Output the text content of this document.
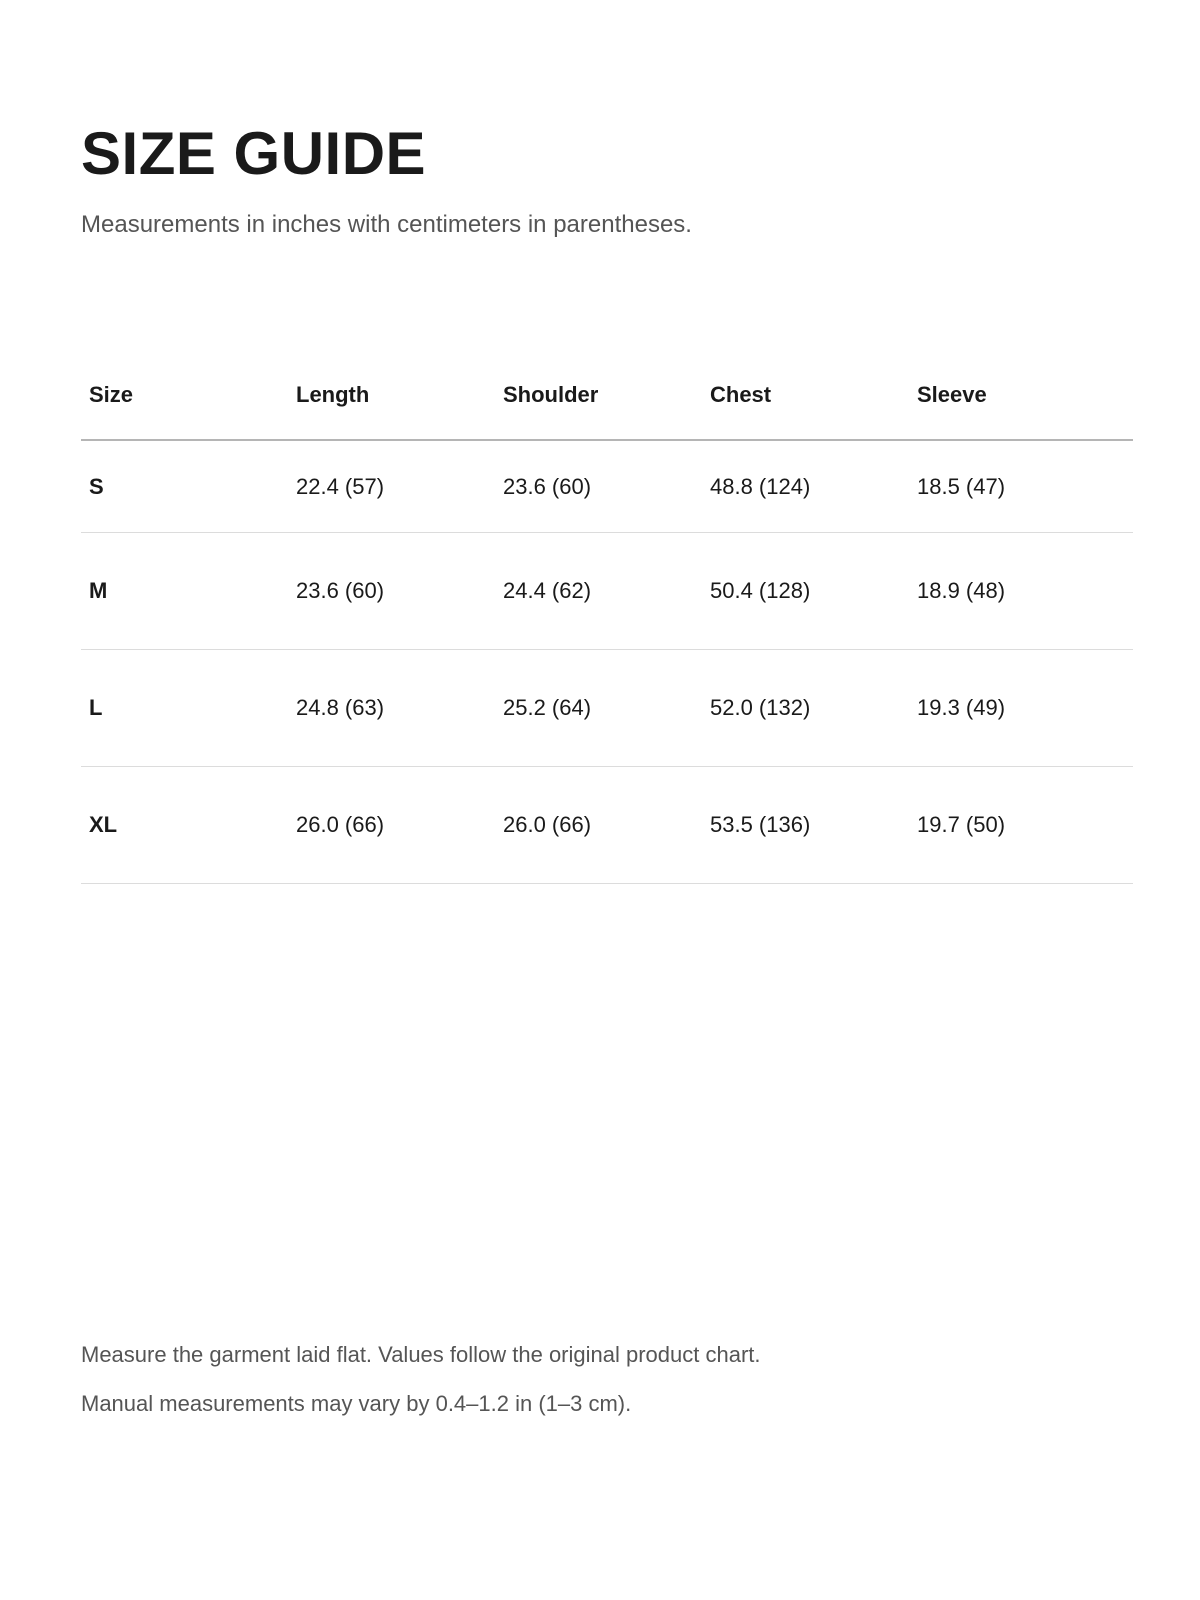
SIZE GUIDE

Measurements in inches with centimeters in parentheses.

Size	Length	Shoulder	Chest	Sleeve
S	22.4 (57)	23.6 (60)	48.8 (124)	18.5 (47)
M	23.6 (60)	24.4 (62)	50.4 (128)	18.9 (48)
L	24.8 (63)	25.2 (64)	52.0 (132)	19.3 (49)
XL	26.0 (66)	26.0 (66)	53.5 (136)	19.7 (50)

Measure the garment laid flat. Values follow the original product chart.

Manual measurements may vary by 0.4–1.2 in (1–3 cm).
